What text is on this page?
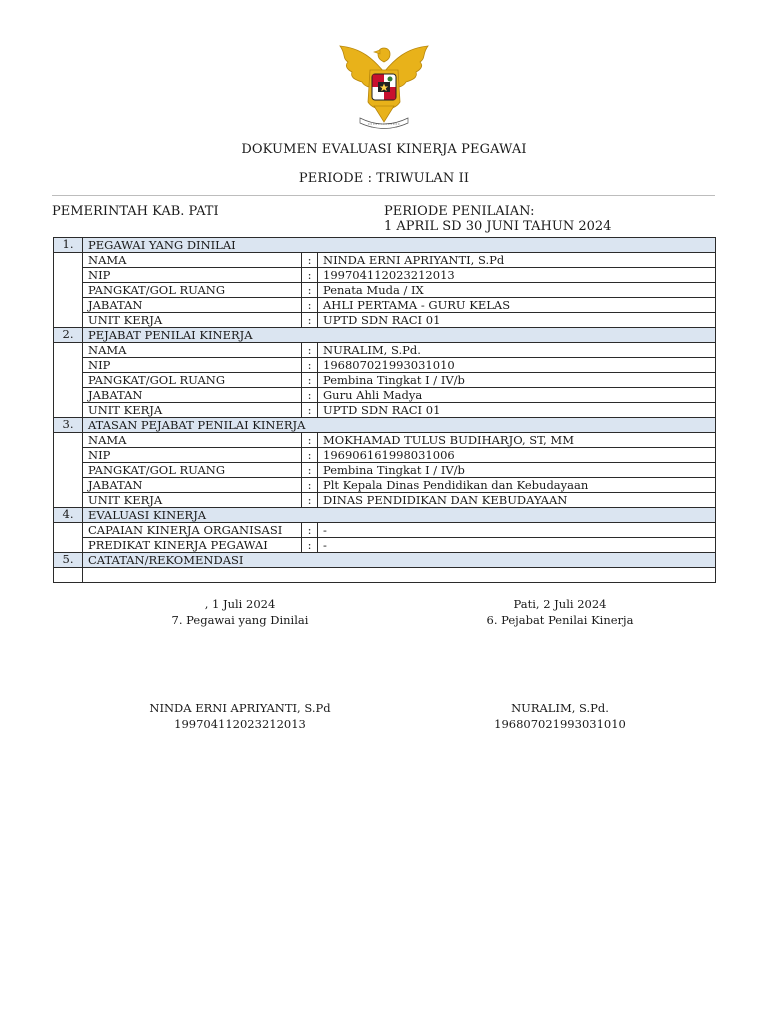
DOKUMEN EVALUASI KINERJA PEGAWAI
PERIODE : TRIWULAN II
PEMERINTAH KAB. PATI	PERIODE PENILAIAN:
1 APRIL SD 30 JUNI TAHUN 2024
1.	PEGAWAI YANG DINILAI		
	NAMA	:	NINDA ERNI APRIYANTI, S.Pd
	NIP	:	199704112023212013
	PANGKAT/GOL RUANG	:	Penata Muda / IX
	JABATAN	:	AHLI PERTAMA - GURU KELAS
	UNIT KERJA	:	UPTD SDN RACI 01
2.	PEJABAT PENILAI KINERJA		
	NAMA	:	NURALIM, S.Pd.
	NIP	:	196807021993031010
	PANGKAT/GOL RUANG	:	Pembina Tingkat I / IV/b
	JABATAN	:	Guru Ahli Madya
	UNIT KERJA	:	UPTD SDN RACI 01
3.	ATASAN PEJABAT PENILAI KINERJA		
	NAMA	:	MOKHAMAD TULUS BUDIHARJO, ST, MM
	NIP	:	196906161998031006
	PANGKAT/GOL RUANG	:	Pembina Tingkat I / IV/b
	JABATAN	:	Plt Kepala Dinas Pendidikan dan Kebudayaan
	UNIT KERJA	:	DINAS PENDIDIKAN DAN KEBUDAYAAN
4.	EVALUASI KINERJA		
	CAPAIAN KINERJA ORGANISASI	:	-
	PREDIKAT KINERJA PEGAWAI	:	-
5.	CATATAN/REKOMENDASI		

, 1 Juli 2024
7. Pegawai yang Dinilai
Pati, 2 Juli 2024
6. Pejabat Penilai Kinerja
NINDA ERNI APRIYANTI, S.Pd
199704112023212013
NURALIM, S.Pd.
196807021993031010
